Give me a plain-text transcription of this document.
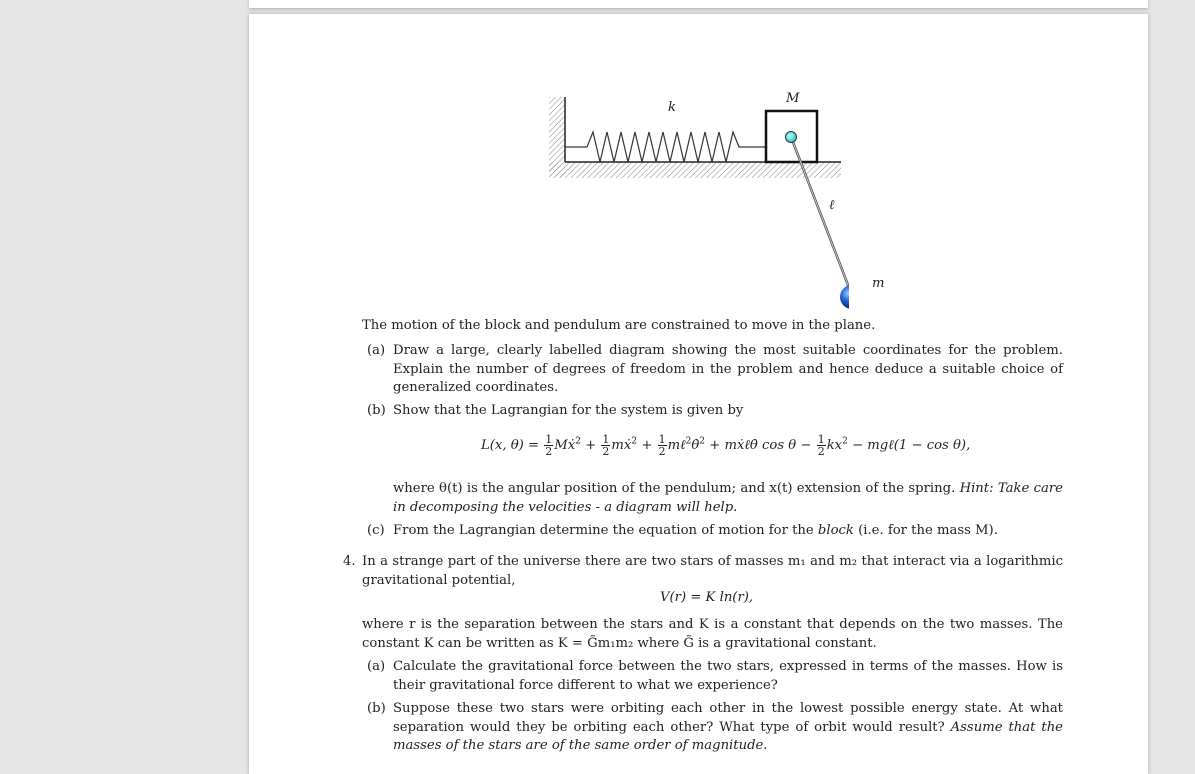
k
M
ℓ
m
The motion of the block and pendulum are constrained to move in the plane.
(a) Draw a large, clearly labelled diagram showing the most suitable coordinates for the problem. Explain the number of degrees of freedom in the problem and hence deduce a suitable choice of generalized coordinates.
(b) Show that the Lagrangian for the system is given by
L(x, $\theta) = \frac{1}{2}$ Mẋ$^2$ + $\frac{1}{2}$ mẋ$^2$ + $\frac{1}{2}$ mℓ$^2$θ̇$^2$ + mẋℓθ̇ $\cos \theta - \frac{1}{2} kx^2$ − mgℓ(1 − cos θ),
where θ(t) is the angular position of the pendulum; and x(t) extension of the spring. Hint: Take care in decomposing the velocities - a diagram will help.
(c) From the Lagrangian determine the equation of motion for the block (i.e. for the mass M).
4. In a strange part of the universe there are two stars of masses m₁ and m₂ that interact via a logarithmic gravitational potential,
V(r) = K ln(r),
where r is the separation between the stars and K is a constant that depends on the two masses. The constant K can be written as K = G̃m₁m₂ where G̃ is a gravitational constant.
(a) Calculate the gravitational force between the two stars, expressed in terms of the masses. How is their gravitational force different to what we experience?
(b) Suppose these two stars were orbiting each other in the lowest possible energy state. At what separation would they be orbiting each other? What type of orbit would result? Assume that the masses of the stars are of the same order of magnitude.
